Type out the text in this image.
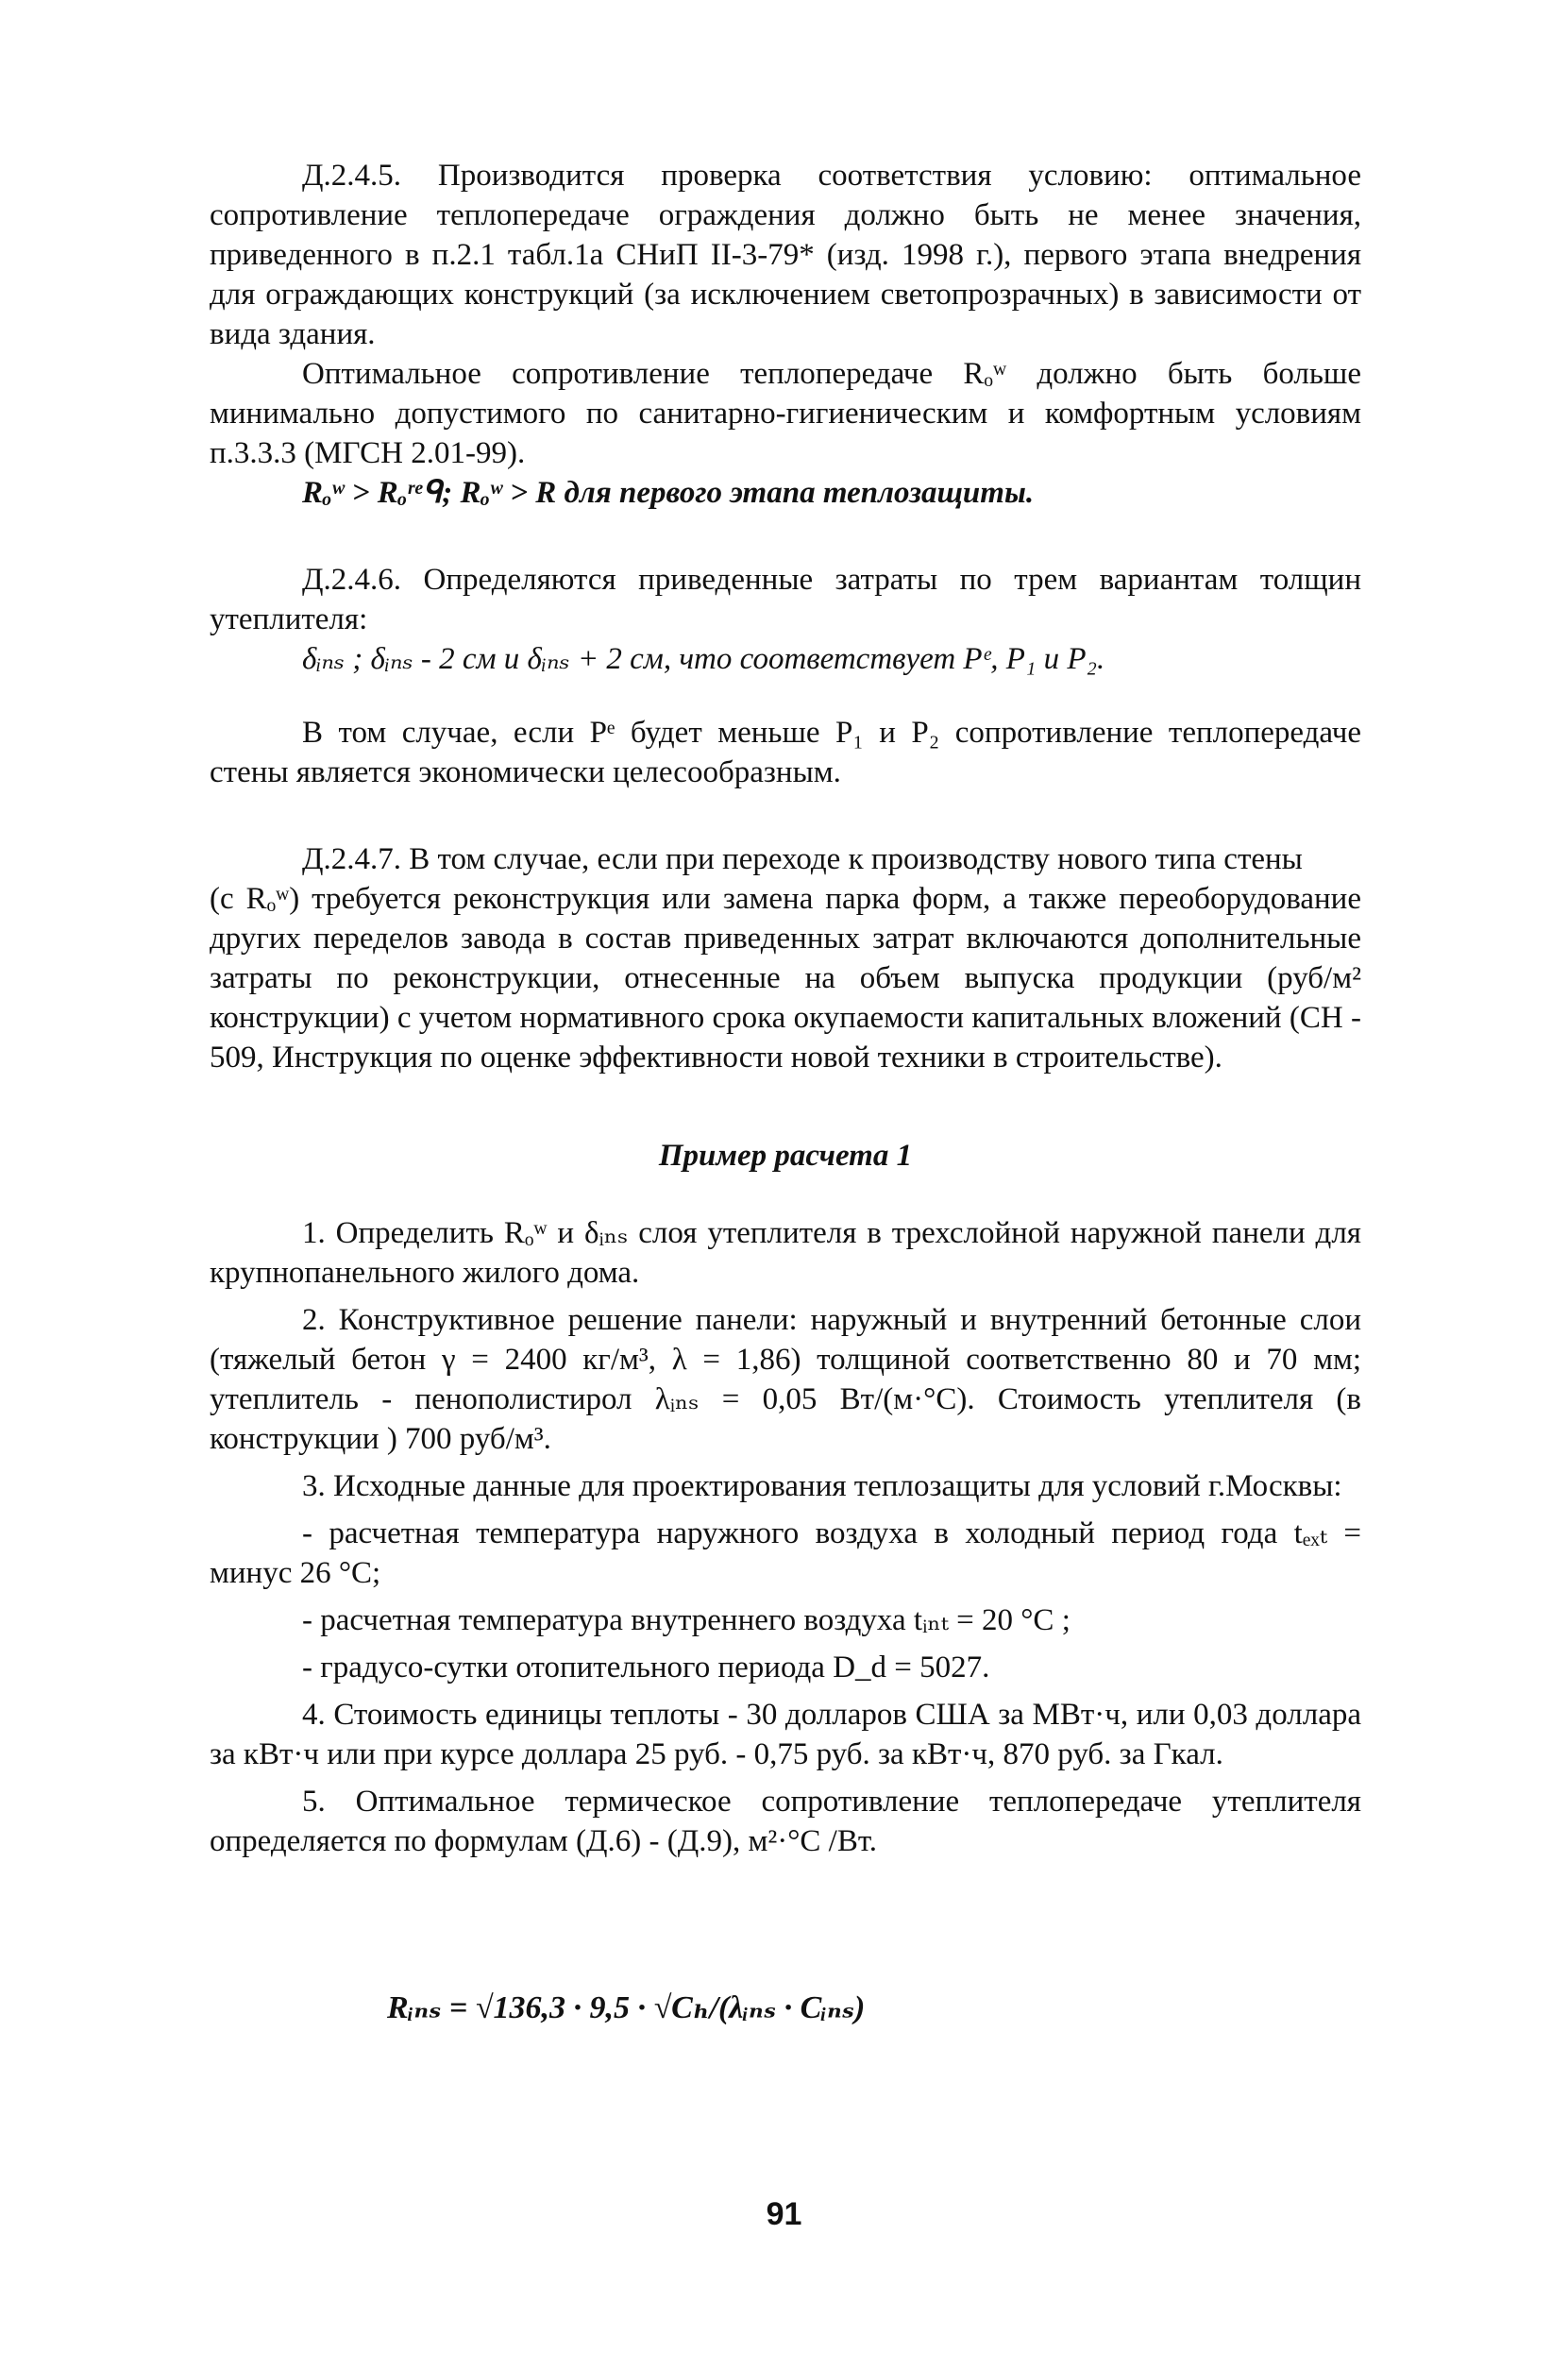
Д.2.4.5. Производится проверка соответствия условию: оптимальное сопротивление теплопередаче ограждения должно быть не менее значения, приведенного в п.2.1 табл.1а СНиП II-3-79* (изд. 1998 г.), первого этапа внедрения для ограждающих конструкций (за исключением светопрозрачных) в зависимости от вида здания.

Оптимальное сопротивление теплопередаче Rₒʷ должно быть больше минимально допустимого по санитарно-гигиеническим и комфортным условиям п.3.3.3 (МГСН 2.01-99).

Rₒʷ > Rₒʳᵉᑫ; Rₒʷ > R для первого этапа теплозащиты.

Д.2.4.6. Определяются приведенные затраты по трем вариантам толщин утеплителя:

δᵢₙₛ ; δᵢₙₛ - 2 см и δᵢₙₛ + 2 см, что соответствует Pᵉ, P₁ и P₂.

В том случае, если Pᵉ будет меньше P₁ и P₂ сопротивление теплопередаче стены является экономически целесообразным.

Д.2.4.7. В том случае, если при переходе к производству нового типа стены

(с Rₒʷ) требуется реконструкция или замена парка форм, а также переоборудование других переделов завода в состав приведенных затрат включаются дополнительные затраты по реконструкции, отнесенные на объем выпуска продукции (руб/м² конструкции) с учетом нормативного срока окупаемости капитальных вложений (СН - 509, Инструкция по оценке эффективности новой техники в строительстве).

Пример расчета 1

1. Определить Rₒʷ и δᵢₙₛ слоя утеплителя в трехслойной наружной панели для крупнопанельного жилого дома.

2. Конструктивное решение панели: наружный и внутренний бетонные слои (тяжелый бетон γ = 2400 кг/м³, λ = 1,86) толщиной соответственно 80 и 70 мм; утеплитель - пенополистирол λᵢₙₛ = 0,05 Вт/(м·°С). Стоимость утеплителя (в конструкции ) 700 руб/м³.

3. Исходные данные для проектирования теплозащиты для условий г.Москвы:

- расчетная температура наружного воздуха в холодный период года tₑₓₜ = минус 26 °С;

- расчетная температура внутреннего воздуха tᵢₙₜ = 20 °С ;

- градусо-сутки отопительного периода D_d = 5027.

4. Стоимость единицы теплоты - 30 долларов США за МВт·ч, или 0,03 доллара за кВт·ч или при курсе доллара 25 руб. - 0,75 руб. за кВт·ч, 870 руб. за Гкал.

5. Оптимальное термическое сопротивление теплопередаче утеплителя определяется по формулам (Д.6) - (Д.9), м²·°С /Вт.

Rᵢₙₛ = √136,3 · 9,5 · √Cₕ/(λᵢₙₛ · Cᵢₙₛ)
91
